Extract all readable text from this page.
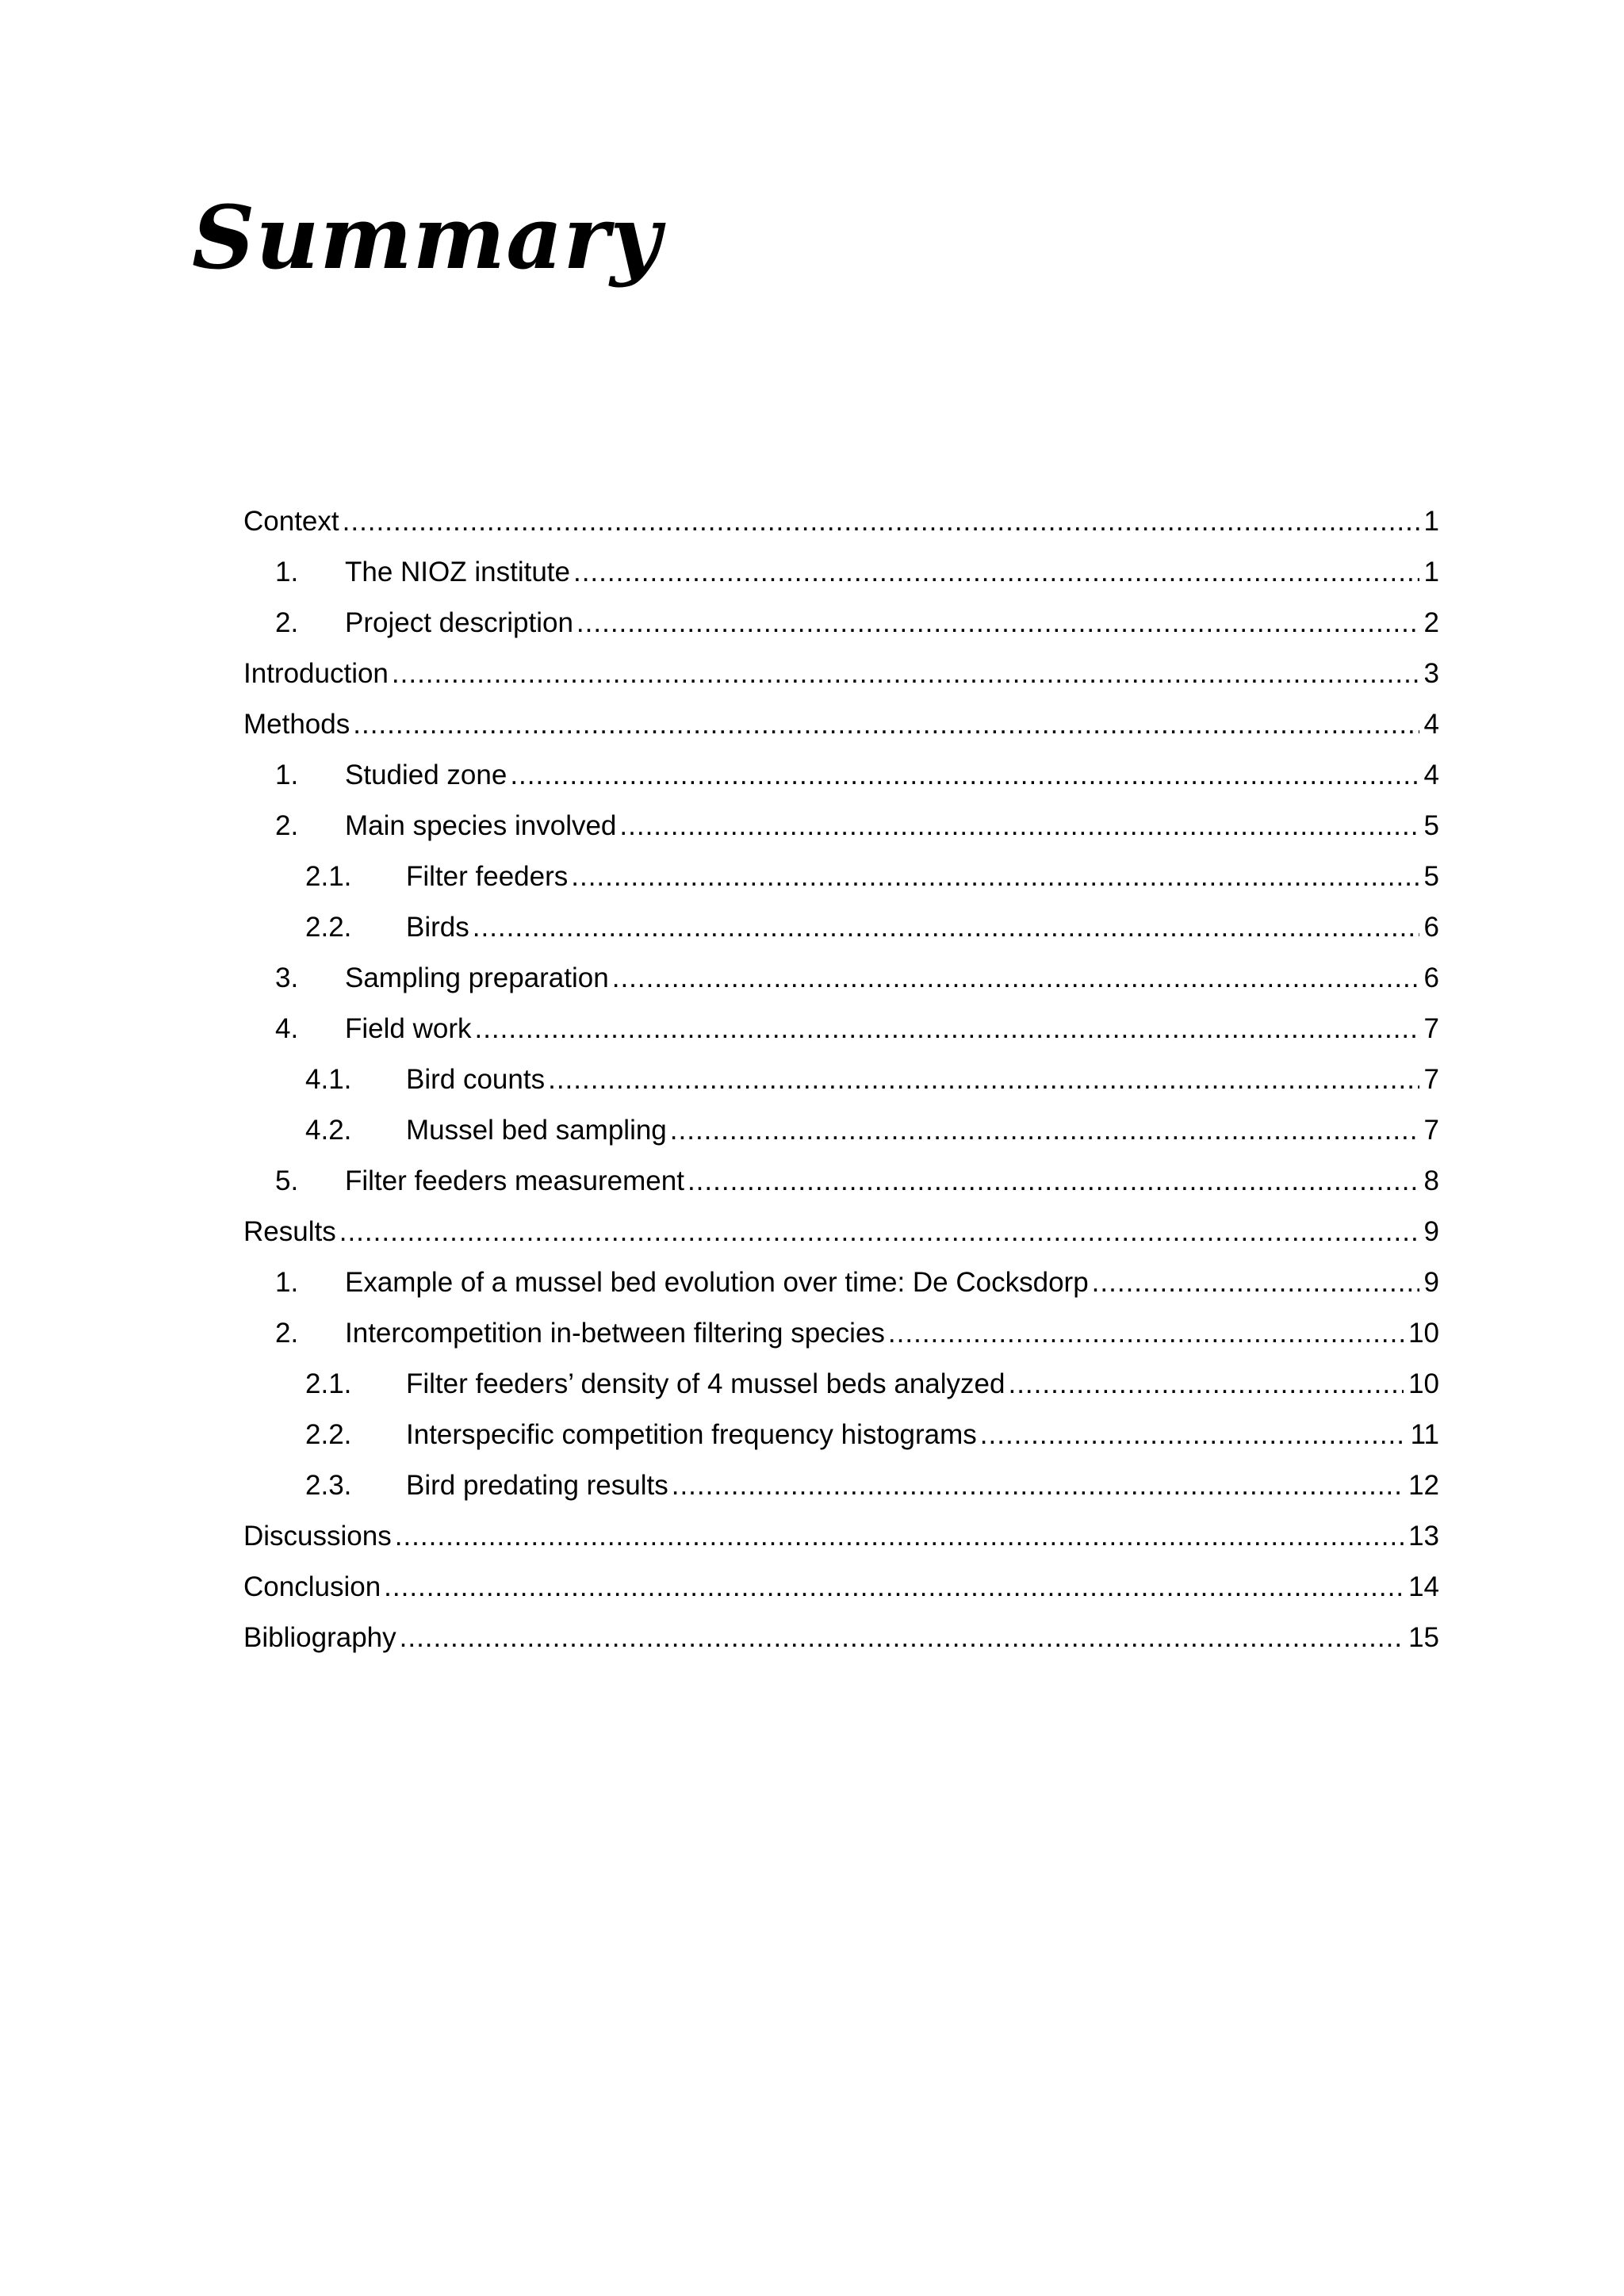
Summary
Context .....	1
1.	The NIOZ institute .....	1
2.	Project description .....	2
Introduction .....	3
Methods .....	4
1.	Studied zone .....	4
2.	Main species involved .....	5
2.1.	Filter feeders .....	5
2.2.	Birds .....	6
3.	Sampling preparation .....	6
4.	Field work .....	7
4.1.	Bird counts .....	7
4.2.	Mussel bed sampling .....	7
5.	Filter feeders measurement .....	8
Results .....	9
1.	Example of a mussel bed evolution over time: De Cocksdorp .....	9
2.	Intercompetition in-between filtering species .....	10
2.1.	Filter feeders’ density of 4 mussel beds analyzed .....	10
2.2.	Interspecific competition frequency histograms .....	11
2.3.	Bird predating results .....	12
Discussions .....	13
Conclusion .....	14
Bibliography .....	15
